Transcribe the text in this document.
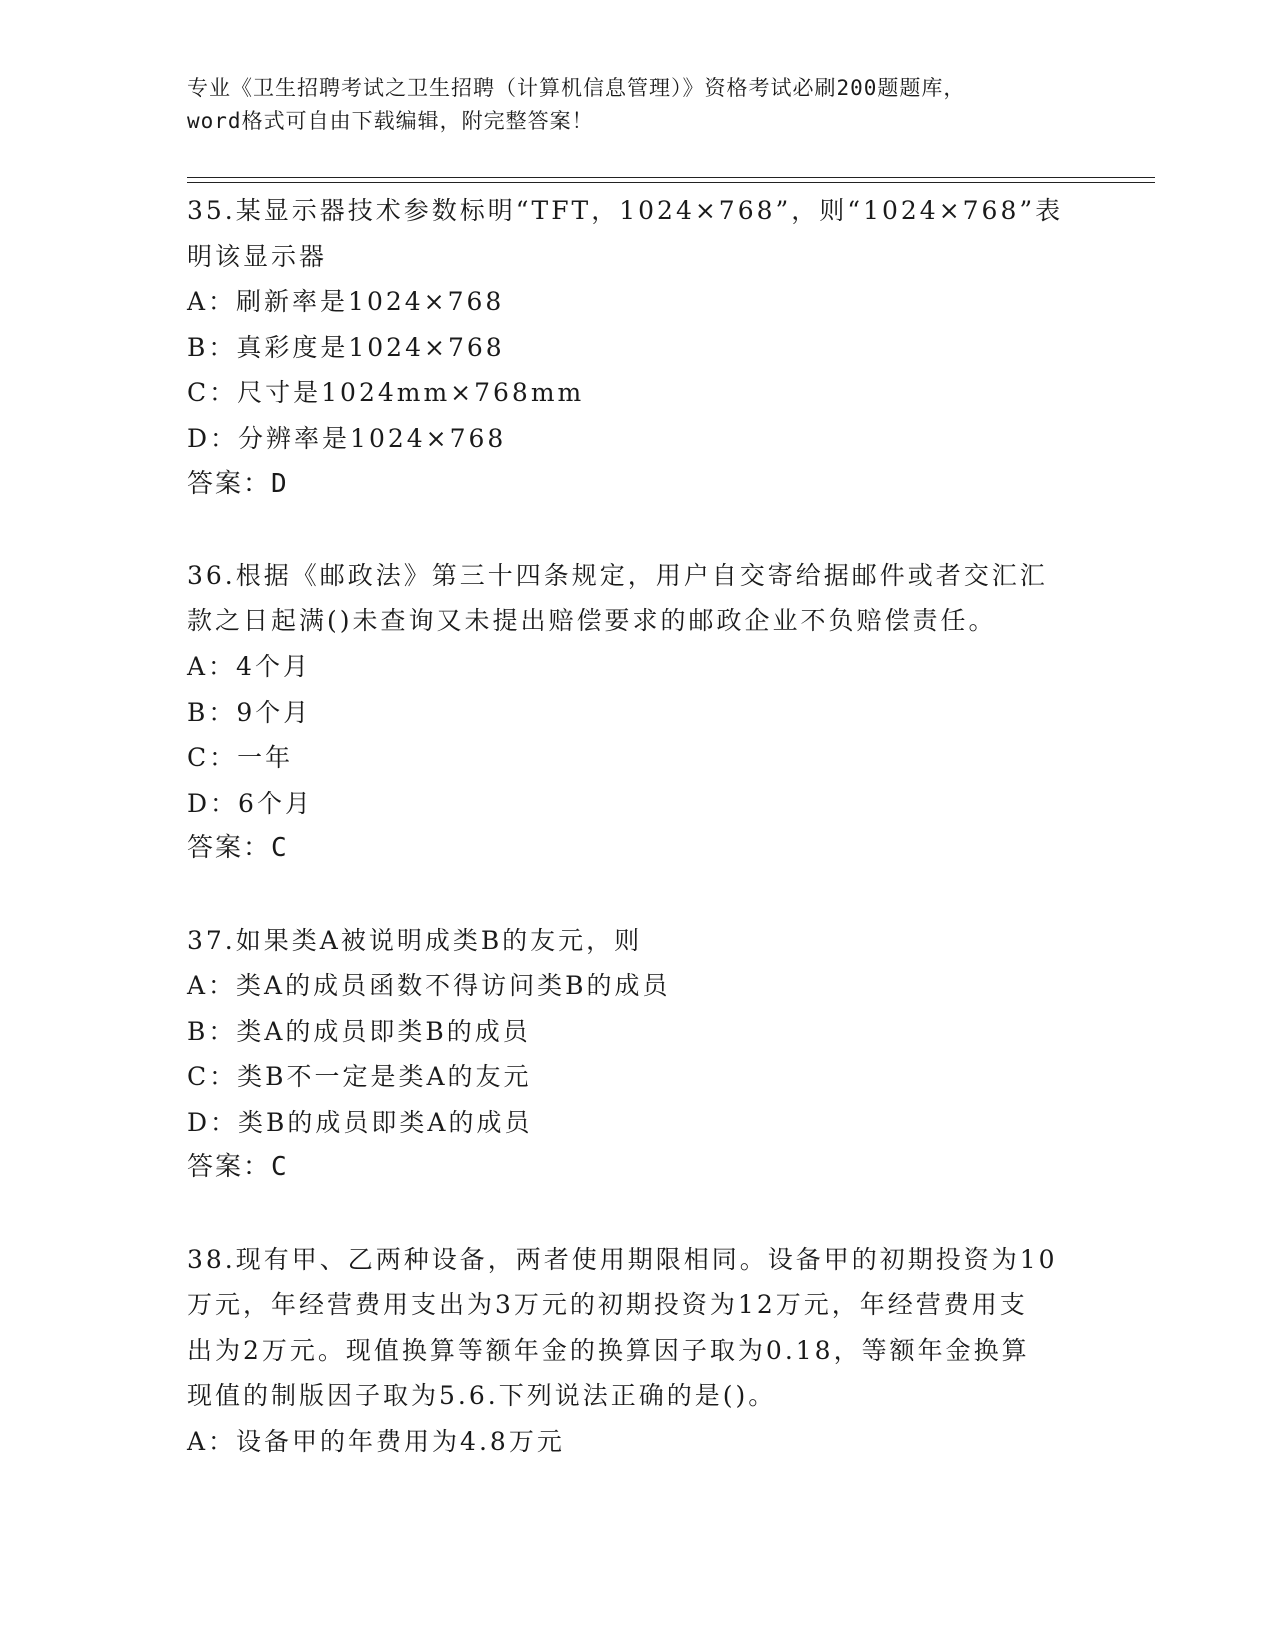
专业《卫生招聘考试之卫生招聘（计算机信息管理）》资格考试必刷200题题库，
word格式可自由下载编辑，附完整答案！
35.某显示器技术参数标明“TFT，1024×768”，则“1024×768”表
明该显示器
A：刷新率是1024×768
B：真彩度是1024×768
C：尺寸是1024mm×768mm
D：分辨率是1024×768
答案：D
36.根据《邮政法》第三十四条规定，用户自交寄给据邮件或者交汇汇
款之日起满()未查询又未提出赔偿要求的邮政企业不负赔偿责任。
A：4个月
B：9个月
C：一年
D：6个月
答案：C
37.如果类A被说明成类B的友元，则
A：类A的成员函数不得访问类B的成员
B：类A的成员即类B的成员
C：类B不一定是类A的友元
D：类B的成员即类A的成员
答案：C
38.现有甲、乙两种设备，两者使用期限相同。设备甲的初期投资为10
万元，年经营费用支出为3万元的初期投资为12万元，年经营费用支
出为2万元。现值换算等额年金的换算因子取为0.18，等额年金换算
现值的制版因子取为5.6.下列说法正确的是()。
A：设备甲的年费用为4.8万元
